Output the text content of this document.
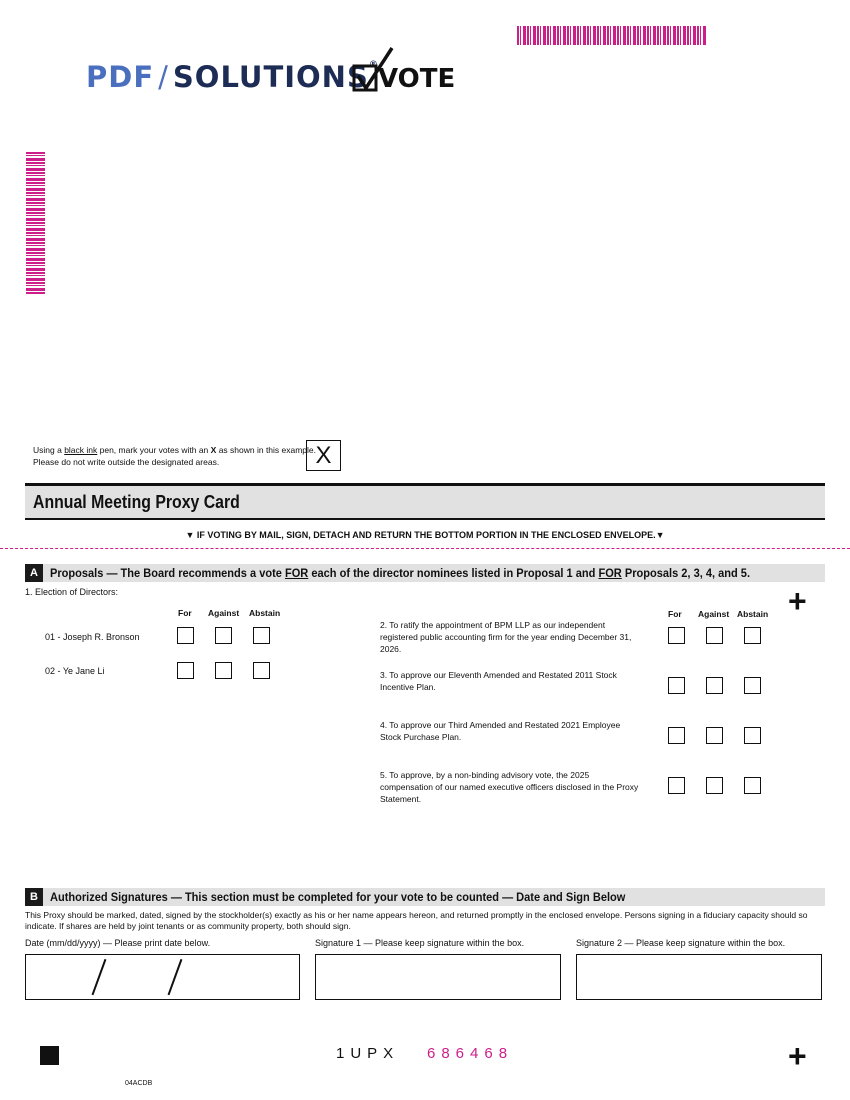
PDF / SOLUTIONS® VOTE
Using a black ink pen, mark your votes with an X as shown in this example.
Please do not write outside the designated areas.	X
Annual Meeting Proxy Card
▼ IF VOTING BY MAIL, SIGN, DETACH AND RETURN THE BOTTOM PORTION IN THE ENCLOSED ENVELOPE.▼
A	Proposals — The Board recommends a vote FOR each of the director nominees listed in Proposal 1 and FOR Proposals 2, 3, 4, and 5.
+
1. Election of Directors:
For Against Abstain
01 - Joseph R. Bronson
02 - Ye Jane Li
For Against Abstain
2. To ratify the appointment of BPM LLP as our independent registered public accounting firm for the year ending December 31, 2026.
3. To approve our Eleventh Amended and Restated 2011 Stock Incentive Plan.
4. To approve our Third Amended and Restated 2021 Employee Stock Purchase Plan.
5. To approve, by a non-binding advisory vote, the 2025 compensation of our named executive officers disclosed in the Proxy Statement.
B	Authorized Signatures — This section must be completed for your vote to be counted — Date and Sign Below
This Proxy should be marked, dated, signed by the stockholder(s) exactly as his or her name appears hereon, and returned promptly in the enclosed envelope. Persons signing in a fiduciary capacity should so indicate. If shares are held by joint tenants or as community property, both should sign.
Date (mm/dd/yyyy) — Please print date below.	Signature 1 — Please keep signature within the box.	Signature 2 — Please keep signature within the box.
1UPX 686468	+
04ACDB
